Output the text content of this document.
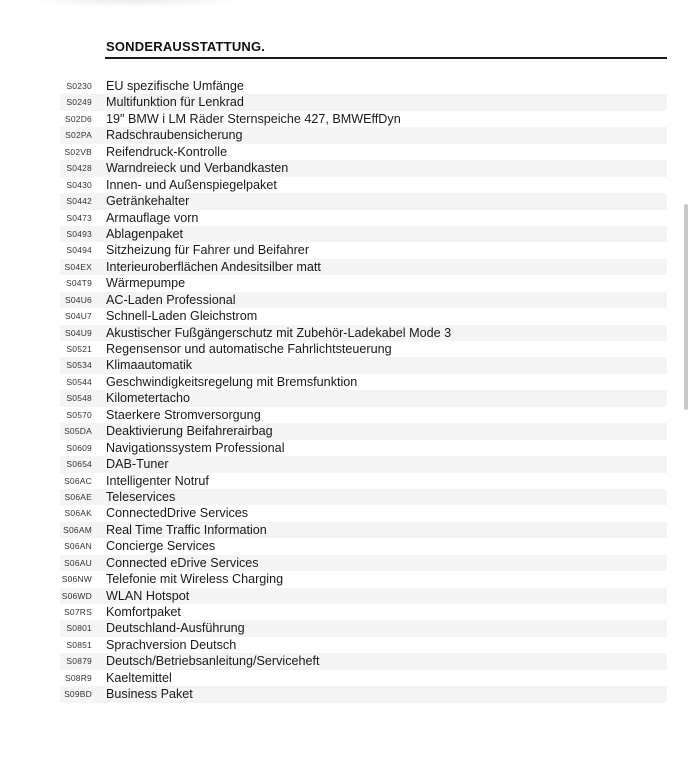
SONDERAUSSTATTUNG.
S0230 EU spezifische Umfänge
S0249 Multifunktion für Lenkrad
S02D6 19" BMW i LM Räder Sternspeiche 427, BMWEffDyn
S02PA Radschraubensicherung
S02VB Reifendruck-Kontrolle
S0428 Warndreieck und Verbandkasten
S0430 Innen- und Außenspiegelpaket
S0442 Getränkehalter
S0473 Armauflage vorn
S0493 Ablagenpaket
S0494 Sitzheizung für Fahrer und Beifahrer
S04EX Interieuroberflächen Andesitsilber matt
S04T9 Wärmepumpe
S04U6 AC-Laden Professional
S04U7 Schnell-Laden Gleichstrom
S04U9 Akustischer Fußgängerschutz mit Zubehör-Ladekabel Mode 3
S0521 Regensensor und automatische Fahrlichtsteuerung
S0534 Klimaautomatik
S0544 Geschwindigkeitsregelung mit Bremsfunktion
S0548 Kilometertacho
S0570 Staerkere Stromversorgung
S05DA Deaktivierung Beifahrerairbag
S0609 Navigationssystem Professional
S0654 DAB-Tuner
S06AC Intelligenter Notruf
S06AE Teleservices
S06AK ConnectedDrive Services
S06AM Real Time Traffic Information
S06AN Concierge Services
S06AU Connected eDrive Services
S06NW Telefonie mit Wireless Charging
S06WD WLAN Hotspot
S07RS Komfortpaket
S0801 Deutschland-Ausführung
S0851 Sprachversion Deutsch
S0879 Deutsch/Betriebsanleitung/Serviceheft
S08R9 Kaeltemittel
S09BD Business Paket
